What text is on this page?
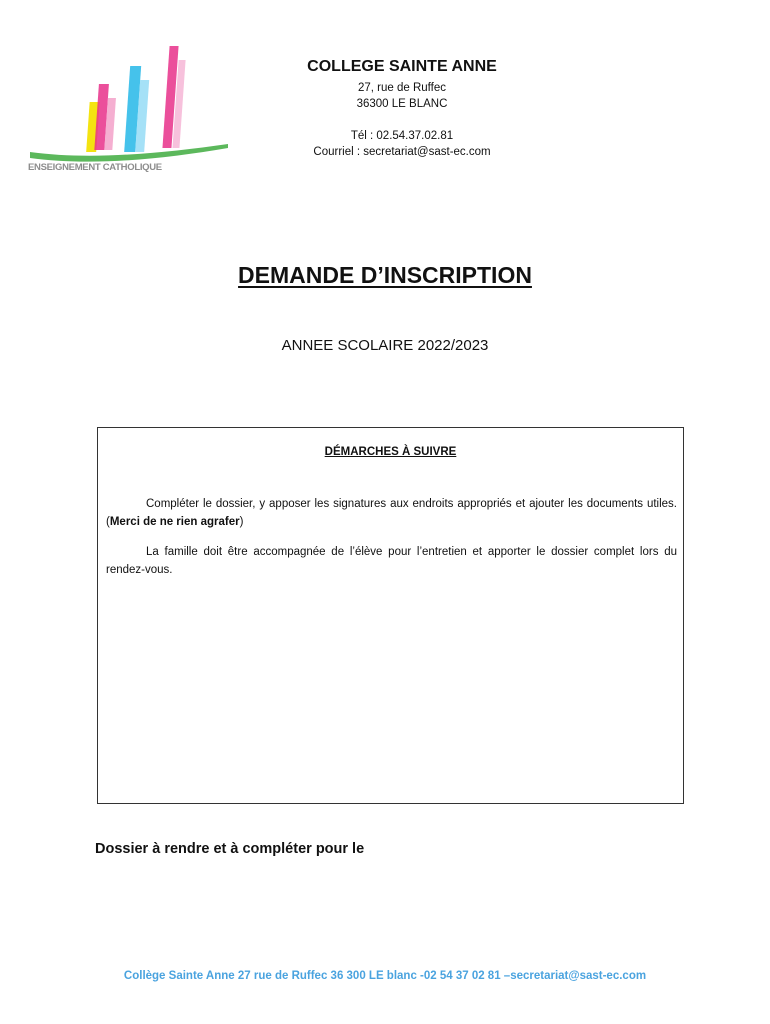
ENSEIGNEMENT CATHOLIQUE
COLLEGE SAINTE ANNE
27, rue de Ruffec
36300 LE BLANC
Tél : 02.54.37.02.81
Courriel : secretariat@sast-ec.com
DEMANDE D’INSCRIPTION
ANNEE SCOLAIRE 2022/2023
DÉMARCHES À SUIVRE
Compléter le dossier, y apposer les signatures aux endroits appropriés et ajouter les documents utiles. (Merci de ne rien agrafer)
La famille doit être accompagnée de l’élève pour l’entretien et apporter le dossier complet lors du rendez-vous.
Dossier à rendre et à compléter pour le
Collège Sainte Anne 27 rue de Ruffec 36 300 LE blanc -02 54 37 02 81 –secretariat@sast-ec.com
